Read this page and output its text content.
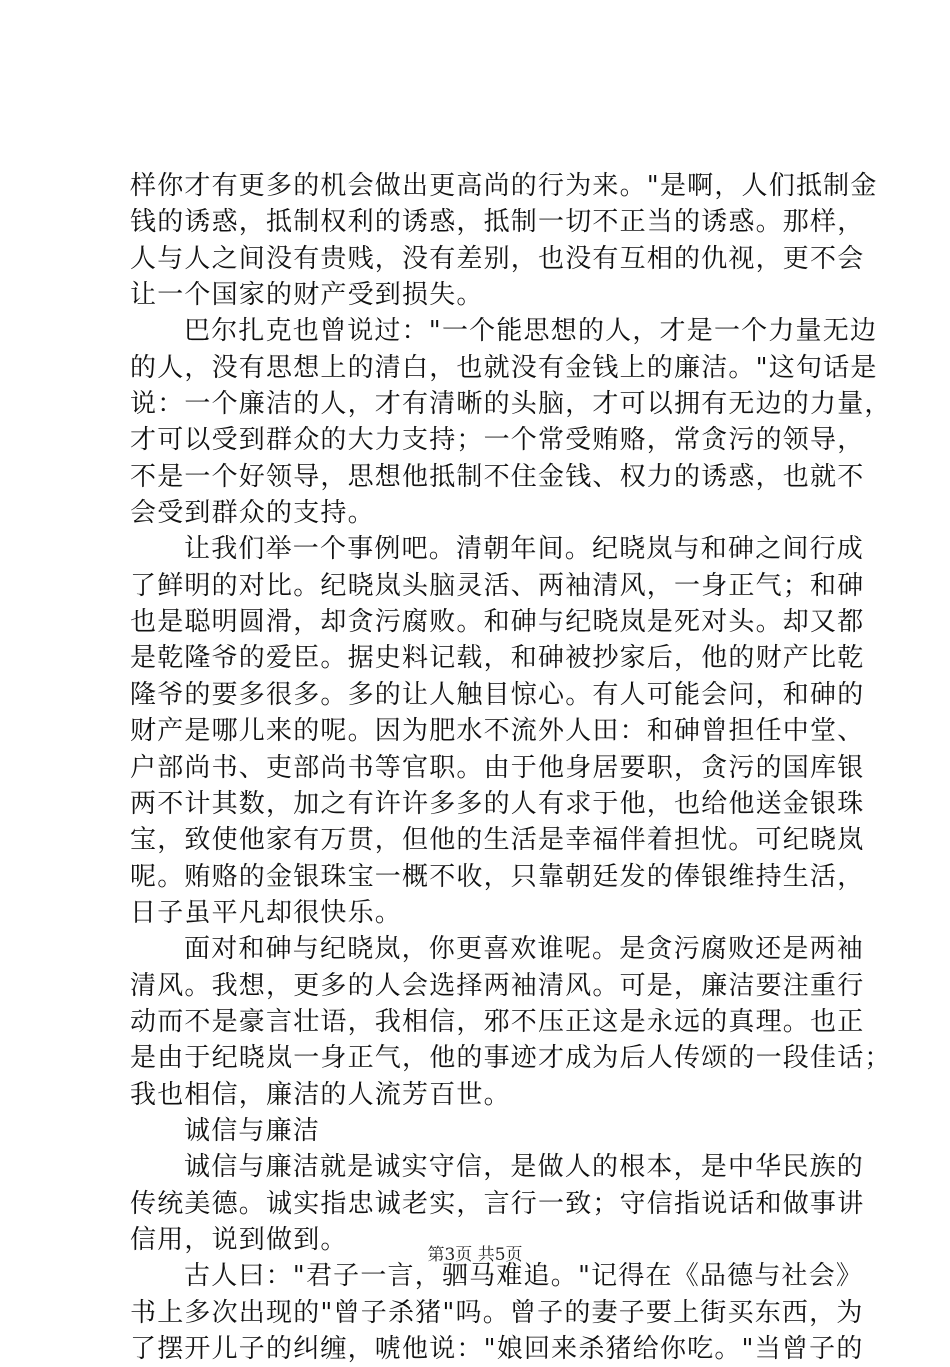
样你才有更多的机会做出更高尚的行为来。"是啊，人们抵制金
钱的诱惑，抵制权利的诱惑，抵制一切不正当的诱惑。那样，
人与人之间没有贵贱，没有差别，也没有互相的仇视，更不会
让一个国家的财产受到损失。
巴尔扎克也曾说过："一个能思想的人，才是一个力量无边
的人，没有思想上的清白，也就没有金钱上的廉洁。"这句话是
说：一个廉洁的人，才有清晰的头脑，才可以拥有无边的力量，
才可以受到群众的大力支持；一个常受贿赂，常贪污的领导，
不是一个好领导，思想他抵制不住金钱、权力的诱惑，也就不
会受到群众的支持。
让我们举一个事例吧。清朝年间。纪晓岚与和砷之间行成
了鲜明的对比。纪晓岚头脑灵活、两袖清风，一身正气；和砷
也是聪明圆滑，却贪污腐败。和砷与纪晓岚是死对头。却又都
是乾隆爷的爱臣。据史料记载，和砷被抄家后，他的财产比乾
隆爷的要多很多。多的让人触目惊心。有人可能会问，和砷的
财产是哪儿来的呢。因为肥水不流外人田：和砷曾担任中堂、
户部尚书、吏部尚书等官职。由于他身居要职，贪污的国库银
两不计其数，加之有许许多多的人有求于他，也给他送金银珠
宝，致使他家有万贯，但他的生活是幸福伴着担忧。可纪晓岚
呢。贿赂的金银珠宝一概不收，只靠朝廷发的俸银维持生活，
日子虽平凡却很快乐。
面对和砷与纪晓岚，你更喜欢谁呢。是贪污腐败还是两袖
清风。我想，更多的人会选择两袖清风。可是，廉洁要注重行
动而不是豪言壮语，我相信，邪不压正这是永远的真理。也正
是由于纪晓岚一身正气，他的事迹才成为后人传颂的一段佳话；
我也相信，廉洁的人流芳百世。
诚信与廉洁
诚信与廉洁就是诚实守信，是做人的根本，是中华民族的
传统美德。诚实指忠诚老实，言行一致；守信指说话和做事讲
信用，说到做到。
古人曰："君子一言，驷马难追。"记得在《品德与社会》
书上多次出现的"曾子杀猪"吗。曾子的妻子要上街买东西，为
了摆开儿子的纠缠，唬他说："娘回来杀猪给你吃。"当曾子的
第3页 共5页
